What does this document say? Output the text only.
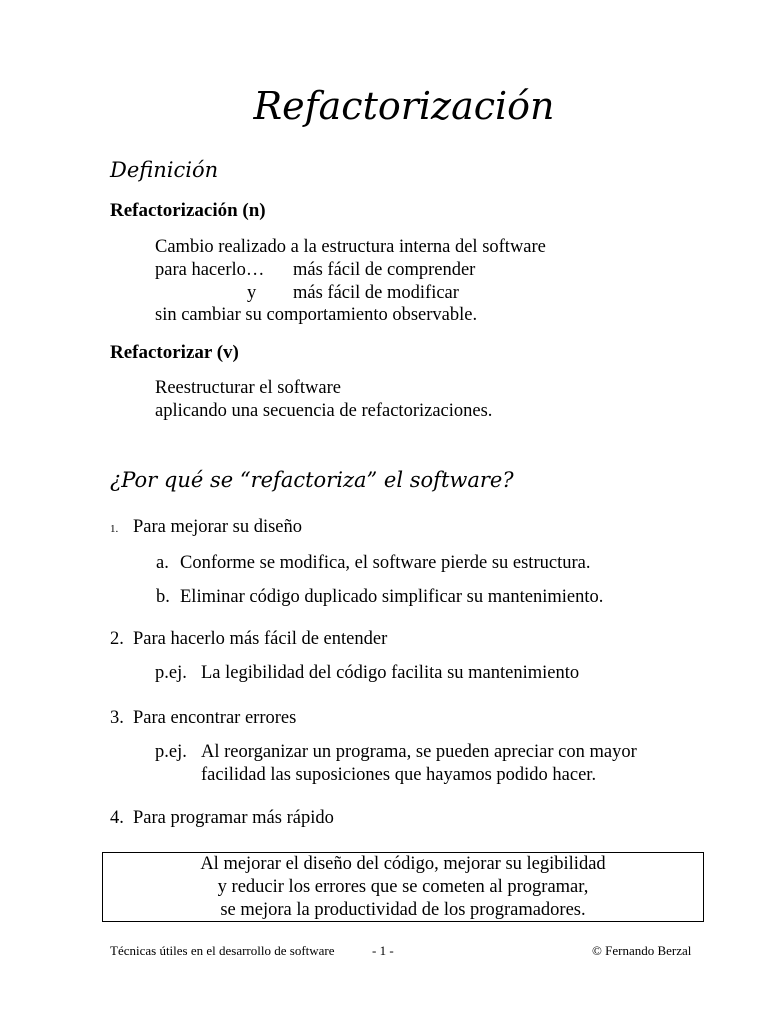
Refactorización
Definición
Refactorización (n)
Cambio realizado a la estructura interna del software
para hacerlo… más fácil de comprender
y más fácil de modificar
sin cambiar su comportamiento observable.
Refactorizar (v)
Reestructurar el software
aplicando una secuencia de refactorizaciones.
¿Por qué se “refactoriza” el software?
1. Para mejorar su diseño
a. Conforme se modifica, el software pierde su estructura.
b. Eliminar código duplicado simplificar su mantenimiento.
2. Para hacerlo más fácil de entender
p.ej. La legibilidad del código facilita su mantenimiento
3. Para encontrar errores
p.ej. Al reorganizar un programa, se pueden apreciar con mayor
facilidad las suposiciones que hayamos podido hacer.
4. Para programar más rápido
Al mejorar el diseño del código, mejorar su legibilidad
y reducir los errores que se cometen al programar,
se mejora la productividad de los programadores.
Técnicas útiles en el desarrollo de software	- 1 -	© Fernando Berzal
